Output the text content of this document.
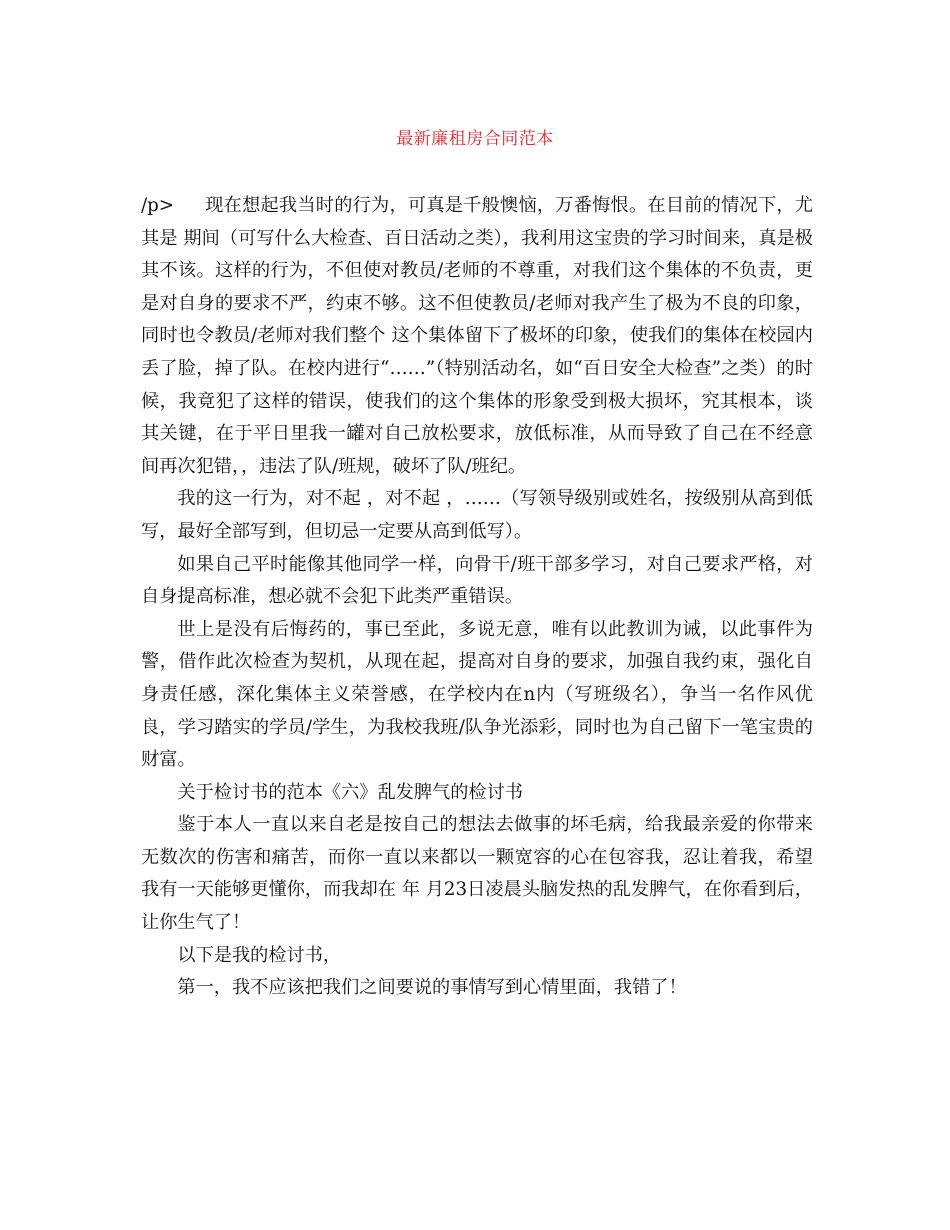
最新廉租房合同范本

/p> 现在想起我当时的行为，可真是千般懊恼，万番悔恨。在目前的情况下，尤其是 期间（可写什么大检查、百日活动之类），我利用这宝贵的学习时间来，真是极其不该。这样的行为，不但使对教员/老师的不尊重，对我们这个集体的不负责，更是对自身的要求不严，约束不够。这不但使教员/老师对我产生了极为不良的印象，同时也令教员/老师对我们整个 这个集体留下了极坏的印象，使我们的集体在校园内丢了脸，掉了队。在校内进行“……”（特别活动名，如“百日安全大检查”之类）的时候，我竟犯了这样的错误，使我们的这个集体的形象受到极大损坏，究其根本，谈其关键，在于平日里我一罐对自己放松要求，放低标准，从而导致了自己在不经意间再次犯错，，违法了队/班规，破坏了队/班纪。

我的这一行为，对不起 ，对不起 ，……（写领导级别或姓名，按级别从高到低写，最好全部写到，但切忌一定要从高到低写）。

如果自己平时能像其他同学一样，向骨干/班干部多学习，对自己要求严格，对自身提高标准，想必就不会犯下此类严重错误。

世上是没有后悔药的，事已至此，多说无意，唯有以此教训为诫，以此事件为警，借作此次检查为契机，从现在起，提高对自身的要求，加强自我约束，强化自身责任感，深化集体主义荣誉感，在学校内在n内（写班级名），争当一名作风优良，学习踏实的学员/学生，为我校我班/队争光添彩，同时也为自己留下一笔宝贵的财富。

关于检讨书的范本《六》乱发脾气的检讨书

鉴于本人一直以来自老是按自己的想法去做事的坏毛病，给我最亲爱的你带来无数次的伤害和痛苦，而你一直以来都以一颗宽容的心在包容我，忍让着我，希望我有一天能够更懂你，而我却在 年 月23日凌晨头脑发热的乱发脾气，在你看到后，让你生气了！

以下是我的检讨书，

第一，我不应该把我们之间要说的事情写到心情里面，我错了！
